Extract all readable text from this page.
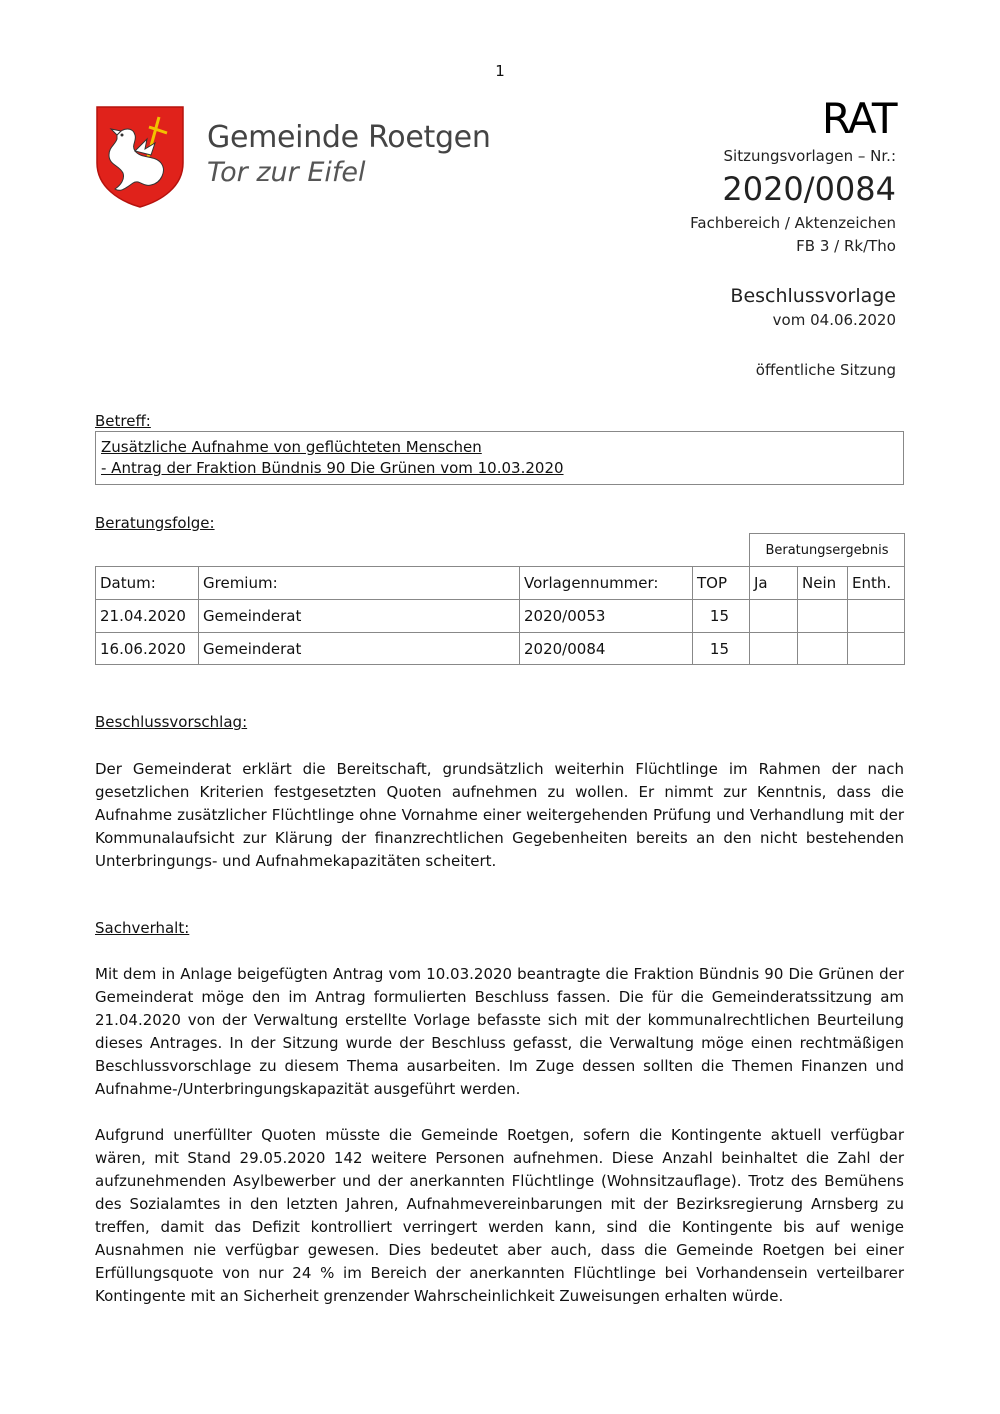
1
Gemeinde Roetgen
Tor zur Eifel
RAT
Sitzungsvorlagen – Nr.:
2020/0084
Fachbereich / Aktenzeichen
FB 3 / Rk/Tho
Beschlussvorlage
vom 04.06.2020
öffentliche Sitzung
Betreff:
Zusätzliche Aufnahme von geflüchteten Menschen
- Antrag der Fraktion Bündnis 90 Die Grünen vom 10.03.2020
Beratungsfolge:
Beratungsergebnis
Datum:	Gremium:	Vorlagennummer:	TOP	Ja	Nein	Enth.
21.04.2020	Gemeinderat	2020/0053	15
16.06.2020	Gemeinderat	2020/0084	15
Beschlussvorschlag:
Der Gemeinderat erklärt die Bereitschaft, grundsätzlich weiterhin Flüchtlinge im Rahmen der nach gesetzlichen Kriterien festgesetzten Quoten aufnehmen zu wollen. Er nimmt zur Kenntnis, dass die Aufnahme zusätzlicher Flüchtlinge ohne Vornahme einer weitergehenden Prüfung und Verhandlung mit der Kommunalaufsicht zur Klärung der finanzrechtlichen Gegebenheiten bereits an den nicht bestehenden Unterbringungs- und Aufnahmekapazitäten scheitert.
Sachverhalt:
Mit dem in Anlage beigefügten Antrag vom 10.03.2020 beantragte die Fraktion Bündnis 90 Die Grünen der Gemeinderat möge den im Antrag formulierten Beschluss fassen. Die für die Gemeinderatssitzung am 21.04.2020 von der Verwaltung erstellte Vorlage befasste sich mit der kommunalrechtlichen Beurteilung dieses Antrages. In der Sitzung wurde der Beschluss gefasst, die Verwaltung möge einen rechtmäßigen Beschlussvorschlage zu diesem Thema ausarbeiten. Im Zuge dessen sollten die Themen Finanzen und Aufnahme-/Unterbringungskapazität ausgeführt werden.
Aufgrund unerfüllter Quoten müsste die Gemeinde Roetgen, sofern die Kontingente aktuell verfügbar wären, mit Stand 29.05.2020 142 weitere Personen aufnehmen. Diese Anzahl beinhaltet die Zahl der aufzunehmenden Asylbewerber und der anerkannten Flüchtlinge (Wohnsitzauflage). Trotz des Bemühens des Sozialamtes in den letzten Jahren, Aufnahmevereinbarungen mit der Bezirksregierung Arnsberg zu treffen, damit das Defizit kontrolliert verringert werden kann, sind die Kontingente bis auf wenige Ausnahmen nie verfügbar gewesen. Dies bedeutet aber auch, dass die Gemeinde Roetgen bei einer Erfüllungsquote von nur 24 % im Bereich der anerkannten Flüchtlinge bei Vorhandensein verteilbarer Kontingente mit an Sicherheit grenzender Wahrscheinlichkeit Zuweisungen erhalten würde.
